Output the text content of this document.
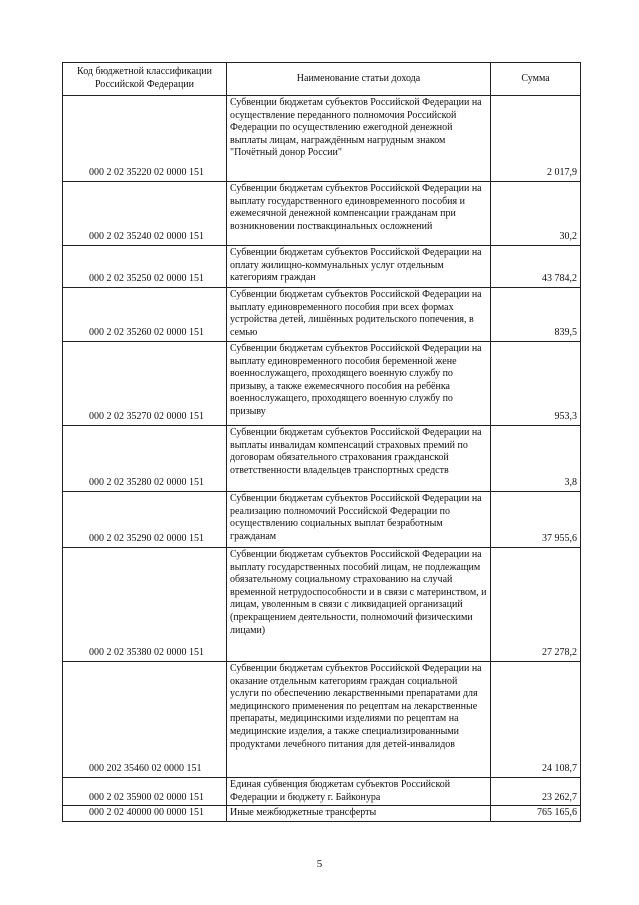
Код бюджетной классификации Российской Федерации	Наименование статьи дохода	Сумма
000 2 02 35220 02 0000 151	Субвенции бюджетам субъектов Российской Федерации на осуществление переданного полномочия Российской Федерации по осуществлению ежегодной денежной выплаты лицам, награждённым нагрудным знаком "Почётный донор России"	2 017,9
000 2 02 35240 02 0000 151	Субвенции бюджетам субъектов Российской Федерации на выплату государственного единовременного пособия и ежемесячной денежной компенсации гражданам при возникновении поствакцинальных осложнений	30,2
000 2 02 35250 02 0000 151	Субвенции бюджетам субъектов Российской Федерации на оплату жилищно-коммунальных услуг отдельным категориям граждан	43 784,2
000 2 02 35260 02 0000 151	Субвенции бюджетам субъектов Российской Федерации на выплату единовременного пособия при всех формах устройства детей, лишённых родительского попечения, в семью	839,5
000 2 02 35270 02 0000 151	Субвенции бюджетам субъектов Российской Федерации на выплату единовременного пособия беременной жене военнослужащего, проходящего военную службу по призыву, а также ежемесячного пособия на ребёнка военнослужащего, проходящего военную службу по призыву	953,3
000 2 02 35280 02 0000 151	Субвенции бюджетам субъектов Российской Федерации на выплаты инвалидам компенсаций страховых премий по договорам обязательного страхования гражданской ответственности владельцев транспортных средств	3,8
000 2 02 35290 02 0000 151	Субвенции бюджетам субъектов Российской Федерации на реализацию полномочий Российской Федерации по осуществлению социальных выплат безработным гражданам	37 955,6
000 2 02 35380 02 0000 151	Субвенции бюджетам субъектов Российской Федерации на выплату государственных пособий лицам, не подлежащим обязательному социальному страхованию на случай временной нетрудоспособности и в связи с материнством, и лицам, уволенным в связи с ликвидацией организаций (прекращением деятельности, полномочий физическими лицами)	27 278,2
000 202 35460 02 0000 151	Субвенции бюджетам субъектов Российской Федерации на оказание отдельным категориям граждан социальной услуги по обеспечению лекарственными препаратами для медицинского применения по рецептам на лекарственные препараты, медицинскими изделиями по рецептам на медицинские изделия, а также специализированными продуктами лечебного питания для детей-инвалидов	24 108,7
000 2 02 35900 02 0000 151	Единая субвенция бюджетам субъектов Российской Федерации и бюджету г. Байконура	23 262,7
000 2 02 40000 00 0000 151	Иные межбюджетные трансферты	765 165,6
5
